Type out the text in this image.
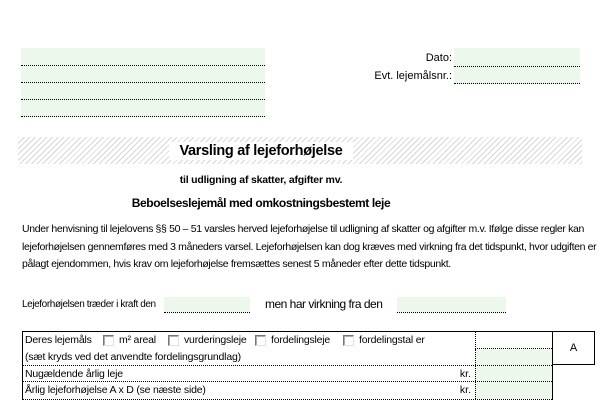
Dato:
Evt. lejemålsnr.:
Varsling af lejeforhøjelse
til udligning af skatter, afgifter mv.
Beboelseslejemål med omkostningsbestemt leje
Under henvisning til lejelovens §§ 50 – 51 varsles herved lejeforhøjelse til udligning af skatter og afgifter m.v. Ifølge disse regler kan
lejeforhøjelsen gennemføres med 3 måneders varsel. Lejeforhøjelsen kan dog kræves med virkning fra det tidspunkt, hvor udgiften er
pålagt ejendommen, hvis krav om lejeforhøjelse fremsættes senest 5 måneder efter dette tidspunkt.
Lejeforhøjelsen træder i kraft den	men har virkning fra den
Deres lejemåls	m² areal	vurderingsleje fordelingsleje	fordelingstal er
(sæt kryds ved det anvendte fordelingsgrundlag)
Nugældende årlig leje	kr.
Årlig lejeforhøjelse A x D (se næste side)	kr.
A
